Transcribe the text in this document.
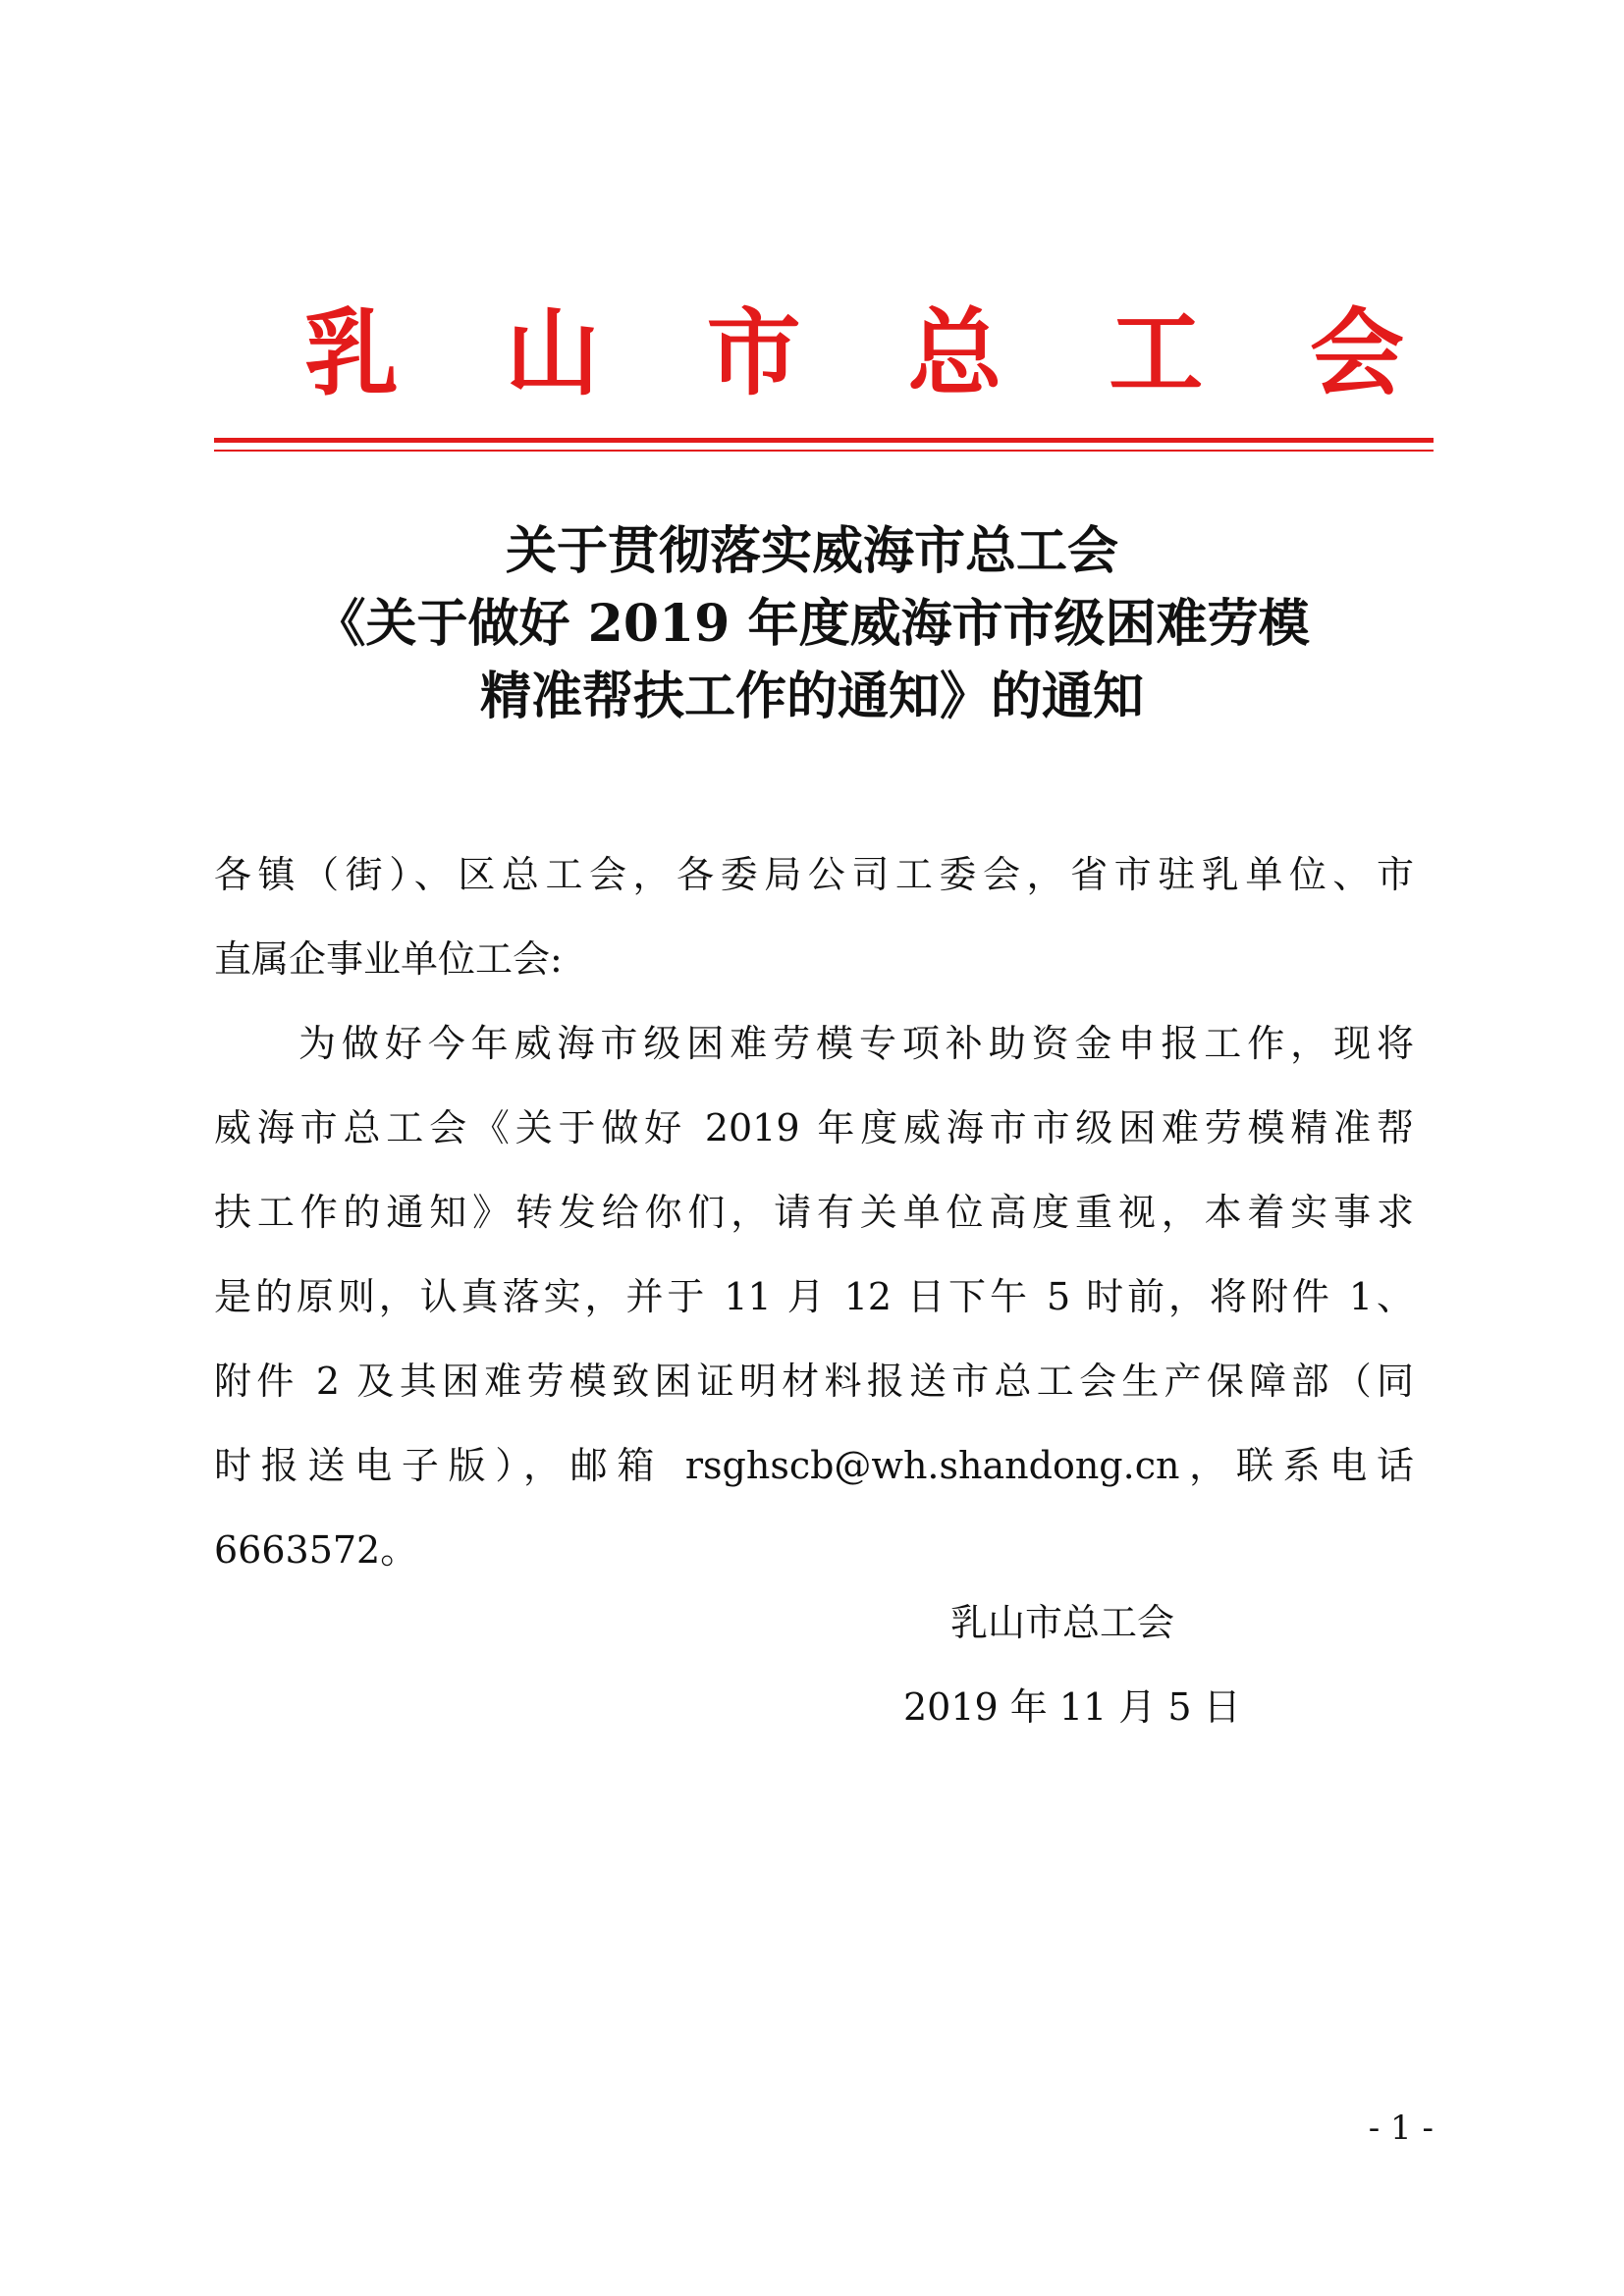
乳 山 市 总 工 会
关于贯彻落实威海市总工会
《关于做好 2019 年度威海市市级困难劳模
精准帮扶工作的通知》的通知
各镇（街）、区总工会，各委局公司工委会，省市驻乳单位、市
直属企事业单位工会:
为做好今年威海市级困难劳模专项补助资金申报工作，现将
威海市总工会《关于做好 2019 年度威海市市级困难劳模精准帮
扶工作的通知》转发给你们，请有关单位高度重视，本着实事求
是的原则，认真落实，并于 11 月 12 日下午 5 时前，将附件 1、
附件 2 及其困难劳模致困证明材料报送市总工会生产保障部（同
时报送电子版），邮箱 rsghscb@wh.shandong.cn，联系电话
6663572。
乳山市总工会
2019 年 11 月 5 日
- 1 -
